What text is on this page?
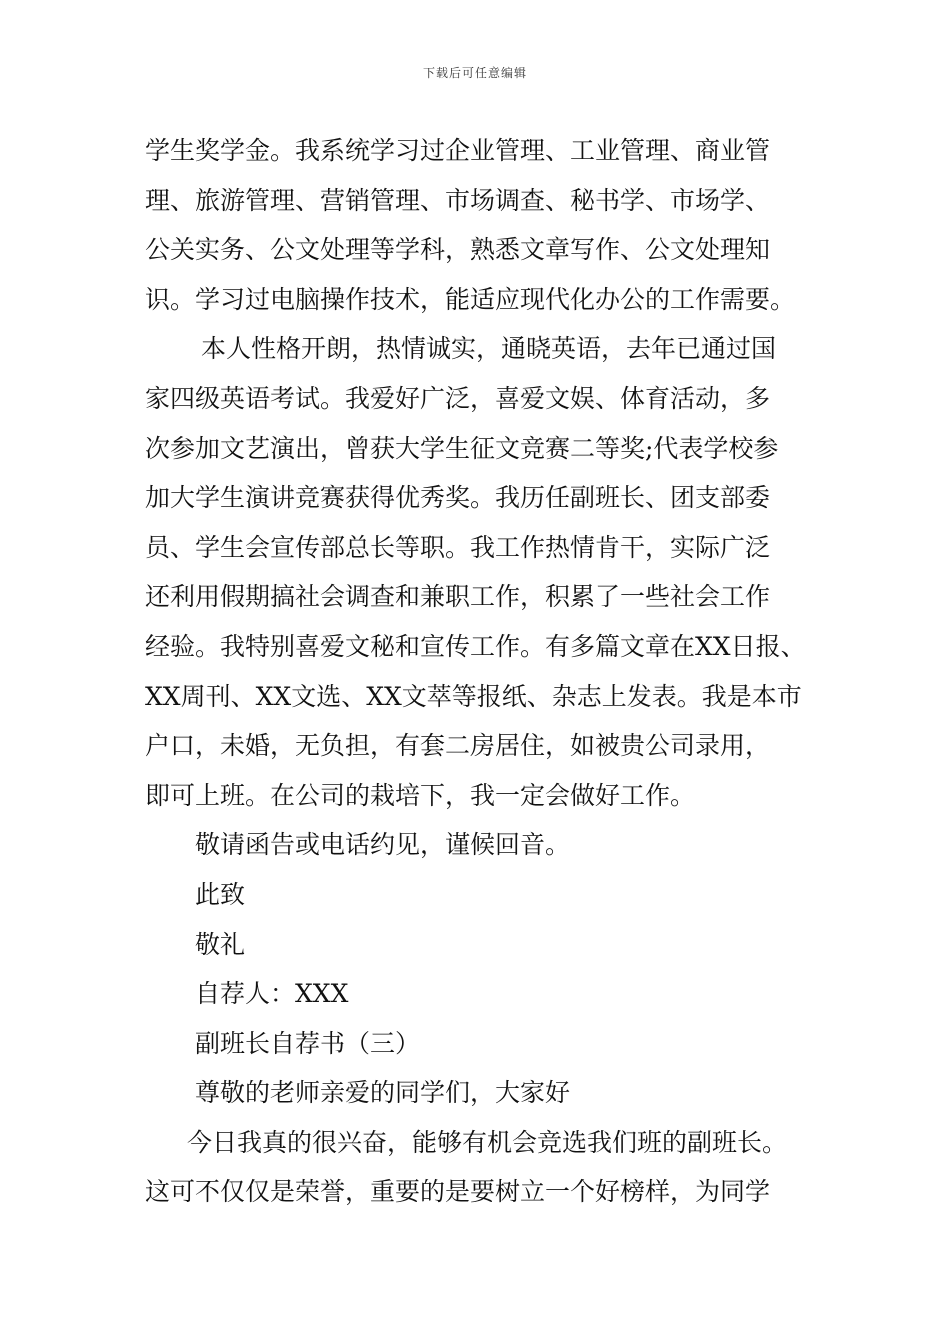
下载后可任意编辑
学生奖学金。我系统学习过企业管理、工业管理、商业管
理、旅游管理、营销管理、市场调查、秘书学、市场学、
公关实务、公文处理等学科，熟悉文章写作、公文处理知
识。学习过电脑操作技术，能适应现代化办公的工作需要。
本人性格开朗，热情诚实，通晓英语，去年已通过国
家四级英语考试。我爱好广泛，喜爱文娱、体育活动，多
次参加文艺演出，曾获大学生征文竞赛二等奖;代表学校参
加大学生演讲竞赛获得优秀奖。我历任副班长、团支部委
员、学生会宣传部总长等职。我工作热情肯干，实际广泛
还利用假期搞社会调查和兼职工作，积累了一些社会工作
经验。我特别喜爱文秘和宣传工作。有多篇文章在XX日报、
XX周刊、XX文选、XX文萃等报纸、杂志上发表。我是本市
户口，未婚，无负担，有套二房居住，如被贵公司录用，
即可上班。在公司的栽培下，我一定会做好工作。
敬请函告或电话约见，谨候回音。
此致
敬礼
自荐人：XXX
副班长自荐书（三）
尊敬的老师亲爱的同学们，大家好
今日我真的很兴奋，能够有机会竞选我们班的副班长。
这可不仅仅是荣誉，重要的是要树立一个好榜样，为同学
